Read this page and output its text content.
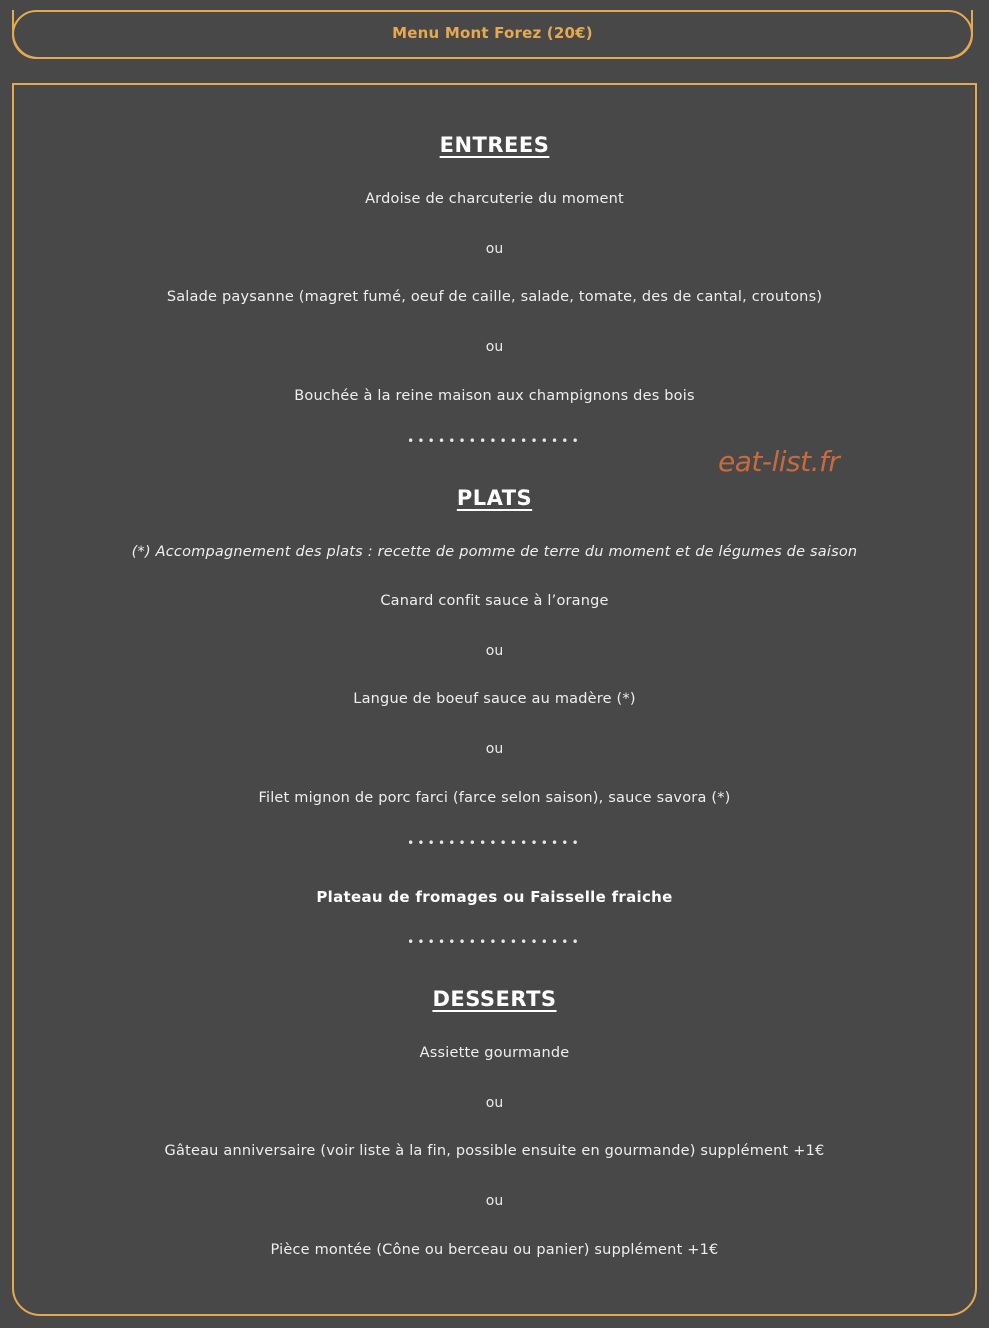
Menu Mont Forez (20€)
ENTREES
Ardoise de charcuterie du moment
ou
Salade paysanne (magret fumé, oeuf de caille, salade, tomate, des de cantal, croutons)
ou
Bouchée à la reine maison aux champignons des bois
•••••••••••••••••
PLATS
(*) Accompagnement des plats : recette de pomme de terre du moment et de légumes de saison
Canard confit sauce à l’orange
ou
Langue de boeuf sauce au madère (*)
ou
Filet mignon de porc farci (farce selon saison), sauce savora (*)
•••••••••••••••••
Plateau de fromages ou Faisselle fraiche
•••••••••••••••••
DESSERTS
Assiette gourmande
ou
Gâteau anniversaire (voir liste à la fin, possible ensuite en gourmande) supplément +1€
ou
Pièce montée (Cône ou berceau ou panier) supplément +1€
eat-list.fr
